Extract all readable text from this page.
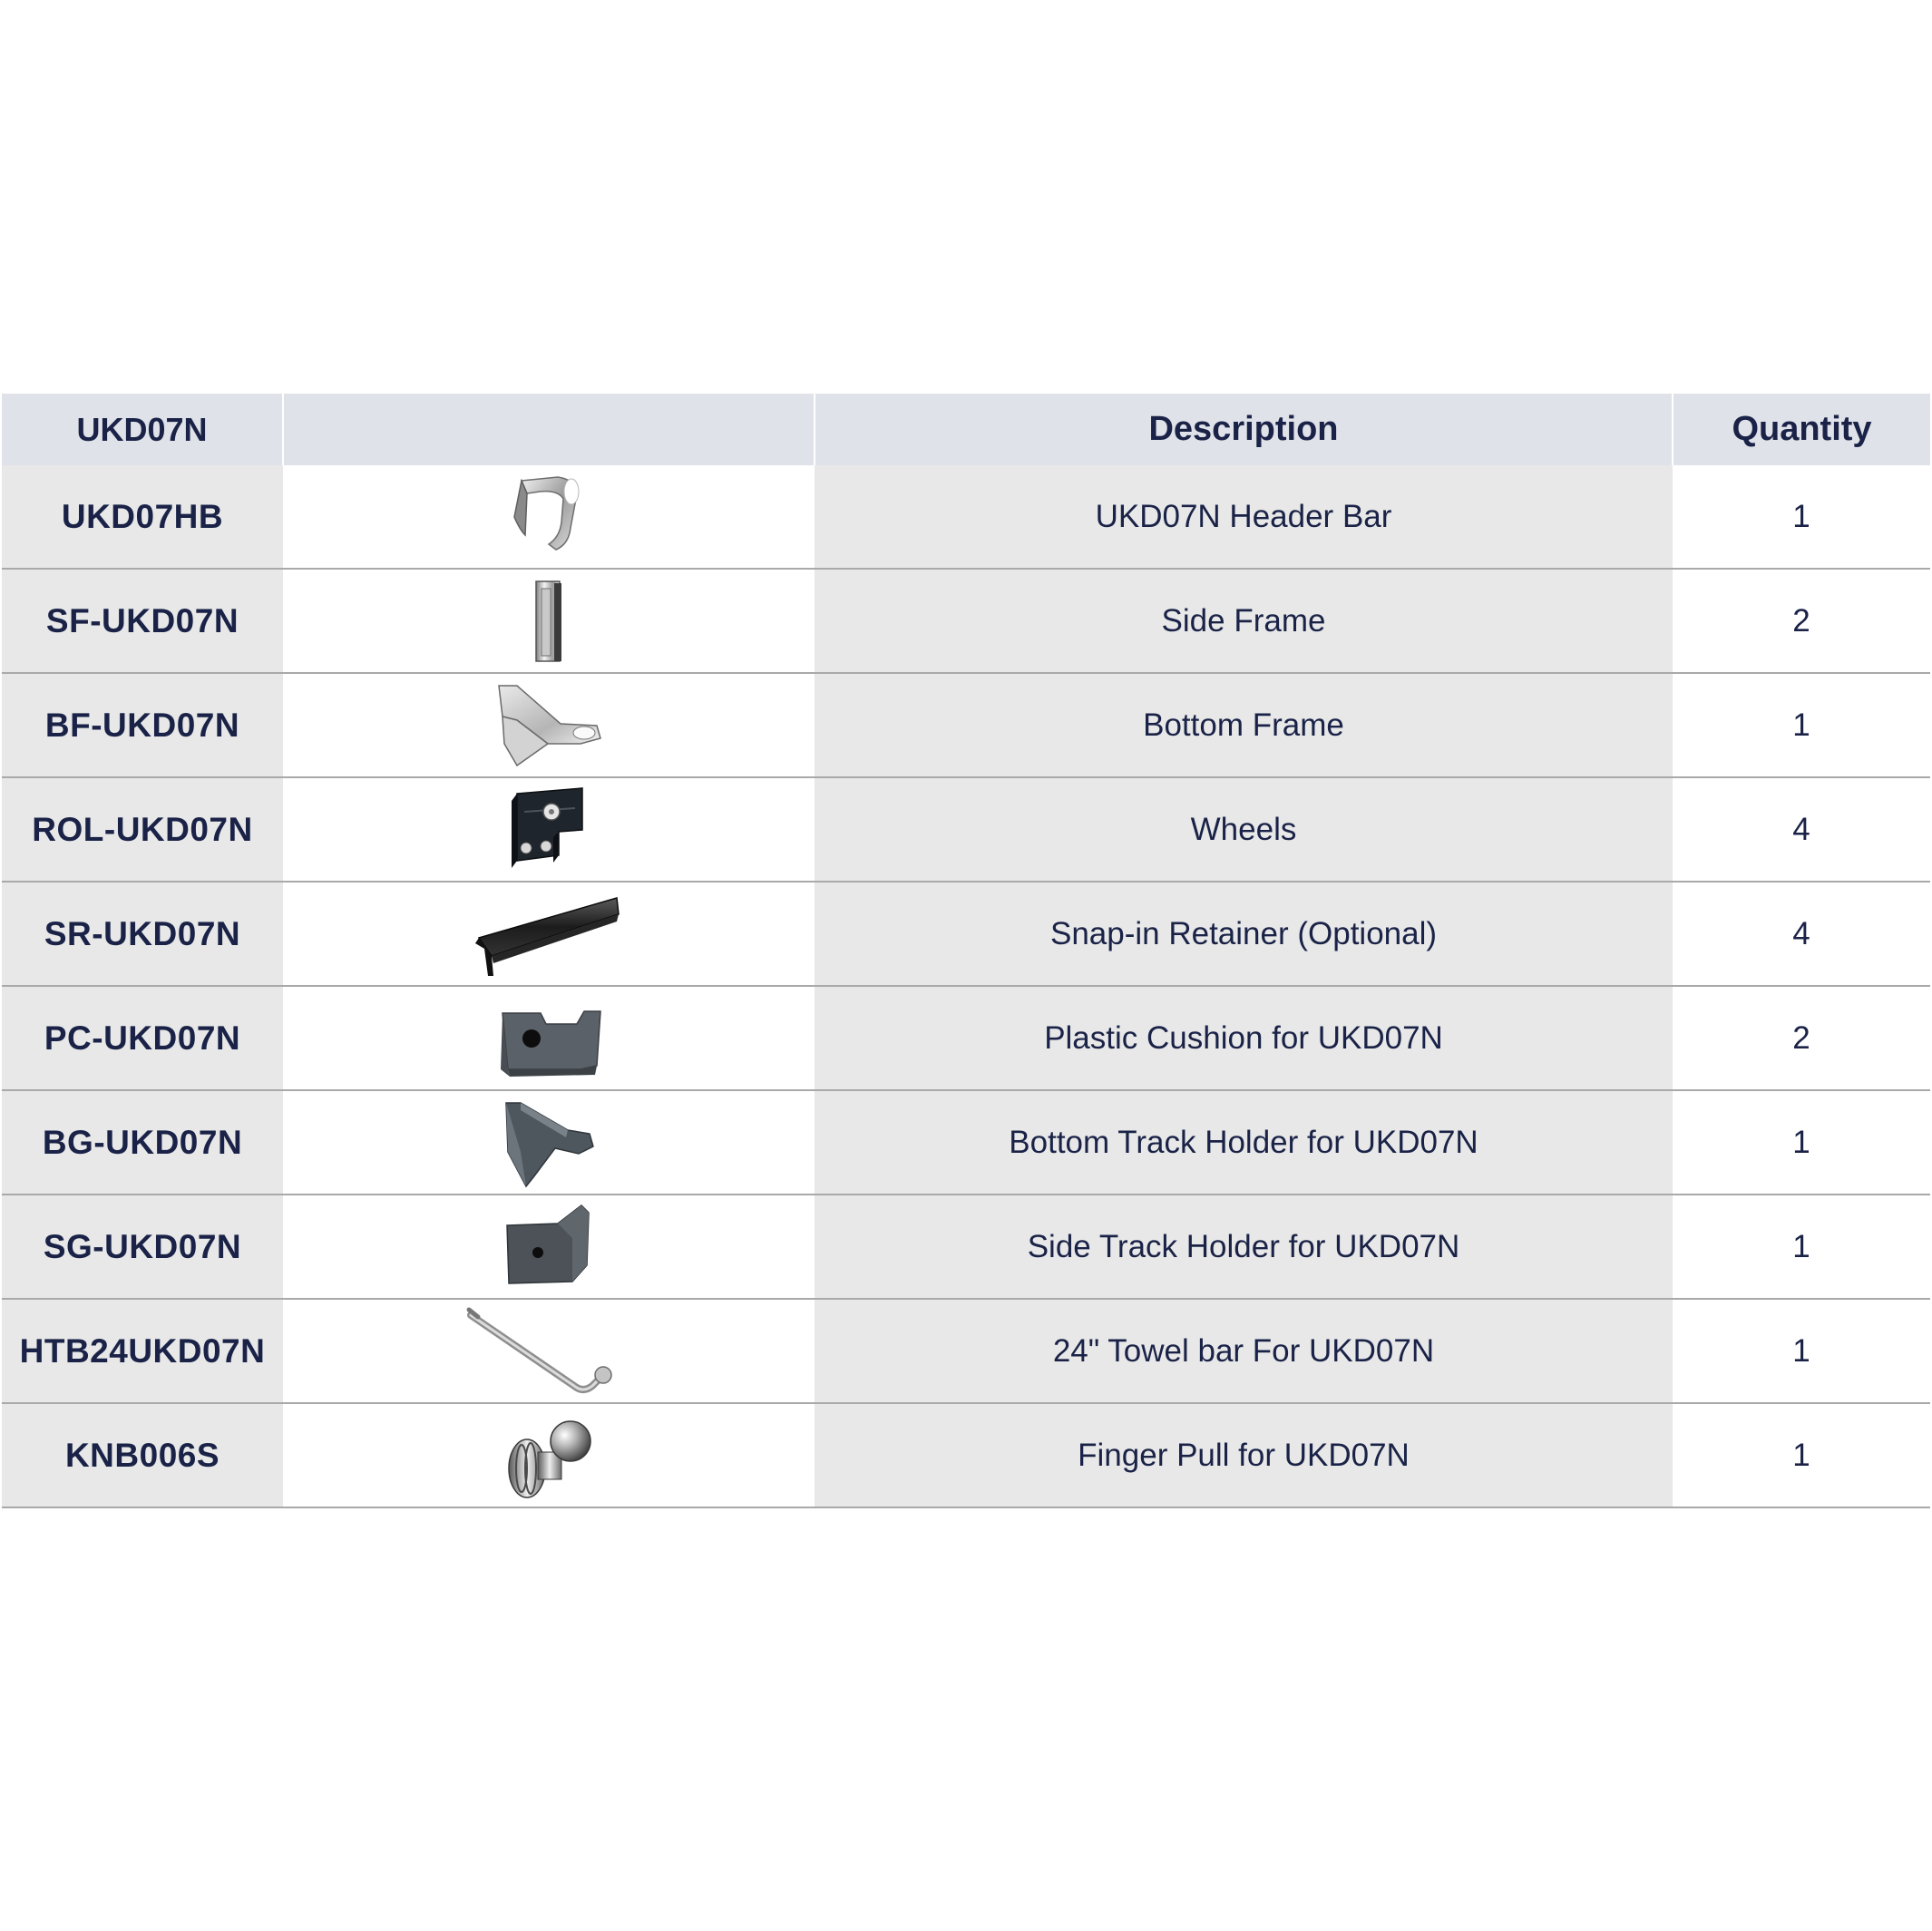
UKD07N		Description	Quantity
UKD07HB		UKD07N Header Bar	1
SF-UKD07N		Side Frame	2
BF-UKD07N		Bottom Frame	1
ROL-UKD07N		Wheels	4
SR-UKD07N		Snap-in Retainer (Optional)	4
PC-UKD07N		Plastic Cushion for UKD07N	2
BG-UKD07N		Bottom Track Holder for UKD07N	1
SG-UKD07N		Side Track Holder for UKD07N	1
HTB24UKD07N		24" Towel bar For UKD07N	1
KNB006S		Finger Pull for UKD07N	1
